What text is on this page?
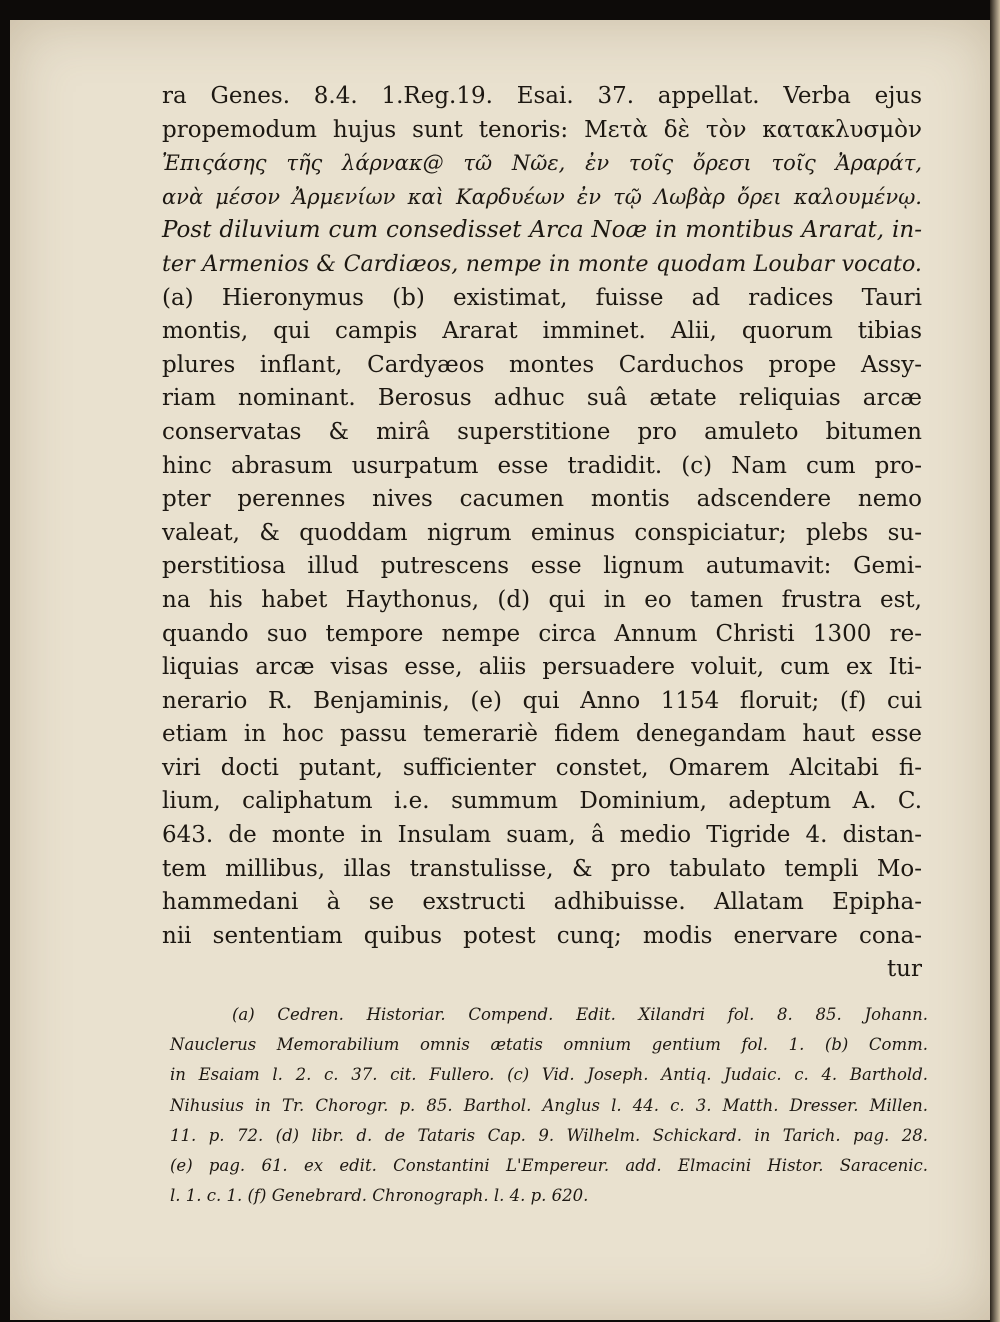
ra Genes. 8.4. 1.Reg.19. Esai. 37. appellat. Verba ejus
propemodum hujus sunt tenoris: Μετὰ δὲ τὸν κατακλυσμὸν
Ἐπιςάσης τῆς λάρνακ@ τῶ Νῶε, ἐν τοῖς ὄρεσι τοῖς Ἀραράτ,
ανὰ μέσον Ἀρμενίων καὶ Καρδυέων ἐν τῷ Λωβὰρ ὄρει καλουμένῳ.
Post diluvium cum consedisset Arca Noæ in montibus Ararat, in-
ter Armenios & Cardiæos, nempe in monte quodam Loubar vocato.
(a) Hieronymus (b) existimat, fuisse ad radices Tauri
montis, qui campis Ararat imminet. Alii, quorum tibias
plures inflant, Cardyæos montes Carduchos prope Assy-
riam nominant. Berosus adhuc suâ ætate reliquias arcæ
conservatas & mirâ superstitione pro amuleto bitumen
hinc abrasum usurpatum esse tradidit. (c) Nam cum pro-
pter perennes nives cacumen montis adscendere nemo
valeat, & quoddam nigrum eminus conspiciatur; plebs su-
perstitiosa illud putrescens esse lignum autumavit: Gemi-
na his habet Haythonus, (d) qui in eo tamen frustra est,
quando suo tempore nempe circa Annum Christi 1300 re-
liquias arcæ visas esse, aliis persuadere voluit, cum ex Iti-
nerario R. Benjaminis, (e) qui Anno 1154 floruit; (f) cui
etiam in hoc passu temerariè fidem denegandam haut esse
viri docti putant, sufficienter constet, Omarem Alcitabi fi-
lium, caliphatum i.e. summum Dominium, adeptum A. C.
643. de monte in Insulam suam, â medio Tigride 4. distan-
tem millibus, illas transtulisse, & pro tabulato templi Mo-
hammedani à se exstructi adhibuisse. Allatam Epipha-
nii sententiam quibus potest cunq; modis enervare cona-
tur
(a) Cedren. Historiar. Compend. Edit. Xilandri fol. 8. 85. Johann.
Nauclerus Memorabilium omnis ætatis omnium gentium fol. 1. (b) Comm.
in Esaiam l. 2. c. 37. cit. Fullero. (c) Vid. Joseph. Antiq. Judaic. c. 4. Barthold.
Nihusius in Tr. Chorogr. p. 85. Barthol. Anglus l. 44. c. 3. Matth. Dresser. Millen.
11. p. 72. (d) libr. d. de Tataris Cap. 9. Wilhelm. Schickard. in Tarich. pag. 28.
(e) pag. 61. ex edit. Constantini L'Empereur. add. Elmacini Histor. Saracenic.
l. 1. c. 1. (f) Genebrard. Chronograph. l. 4. p. 620.
